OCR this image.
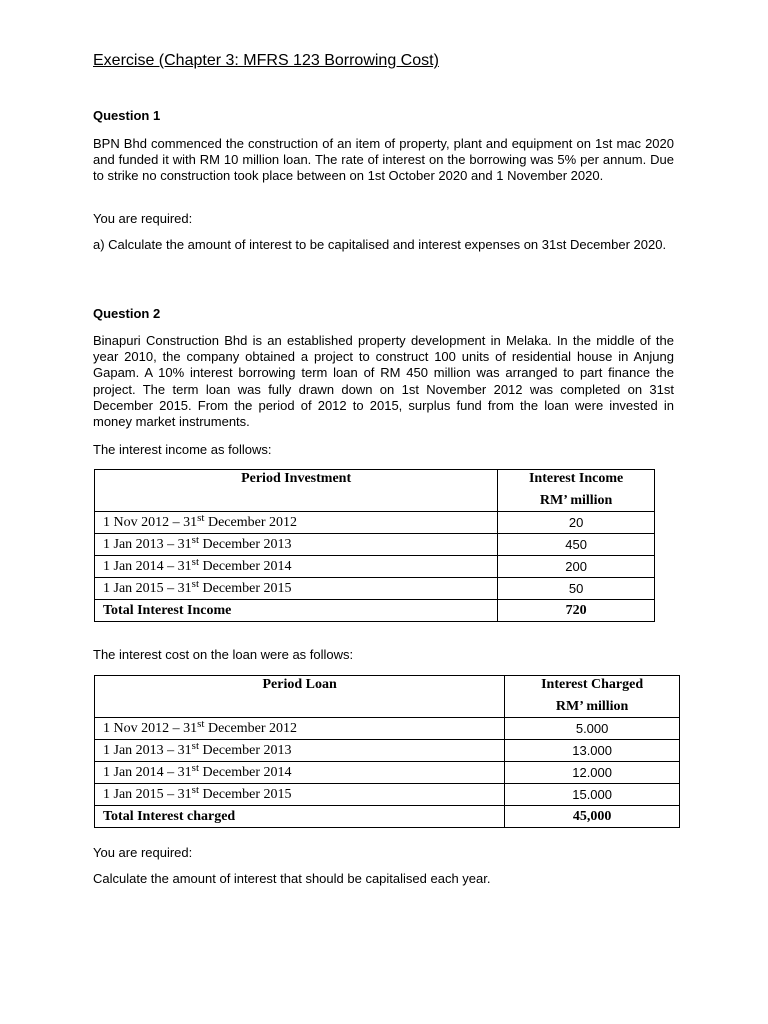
Exercise (Chapter 3: MFRS 123 Borrowing Cost)
Question 1
BPN Bhd commenced the construction of an item of property, plant and equipment on 1st mac 2020 and funded it with RM 10 million loan. The rate of interest on the borrowing was 5% per annum. Due to strike no construction took place between on 1st October 2020 and 1 November 2020.
You are required:
a) Calculate the amount of interest to be capitalised and interest expenses on 31st December 2020.
Question 2
Binapuri Construction Bhd is an established property development in Melaka. In the middle of the year 2010, the company obtained a project to construct 100 units of residential house in Anjung Gapam. A 10% interest borrowing term loan of RM 450 million was arranged to part finance the project. The term loan was fully drawn down on 1st November 2012 was completed on 31st December 2015. From the period of 2012 to 2015, surplus fund from the loan were invested in money market instruments.
The interest income as follows:
Period Investment	Interest Income
RM’ million

1 Nov 2012 – 31st December 2012	20
1 Jan 2013 – 31st December 2013	450
1 Jan 2014 – 31st December 2014	200
1 Jan 2015 – 31st December 2015	50
Total Interest Income	720
The interest cost on the loan were as follows:
Period Loan	Interest Charged
RM’ million

1 Nov 2012 – 31st December 2012	5.000
1 Jan 2013 – 31st December 2013	13.000
1 Jan 2014 – 31st December 2014	12.000
1 Jan 2015 – 31st December 2015	15.000
Total Interest charged	45,000
You are required:
Calculate the amount of interest that should be capitalised each year.
